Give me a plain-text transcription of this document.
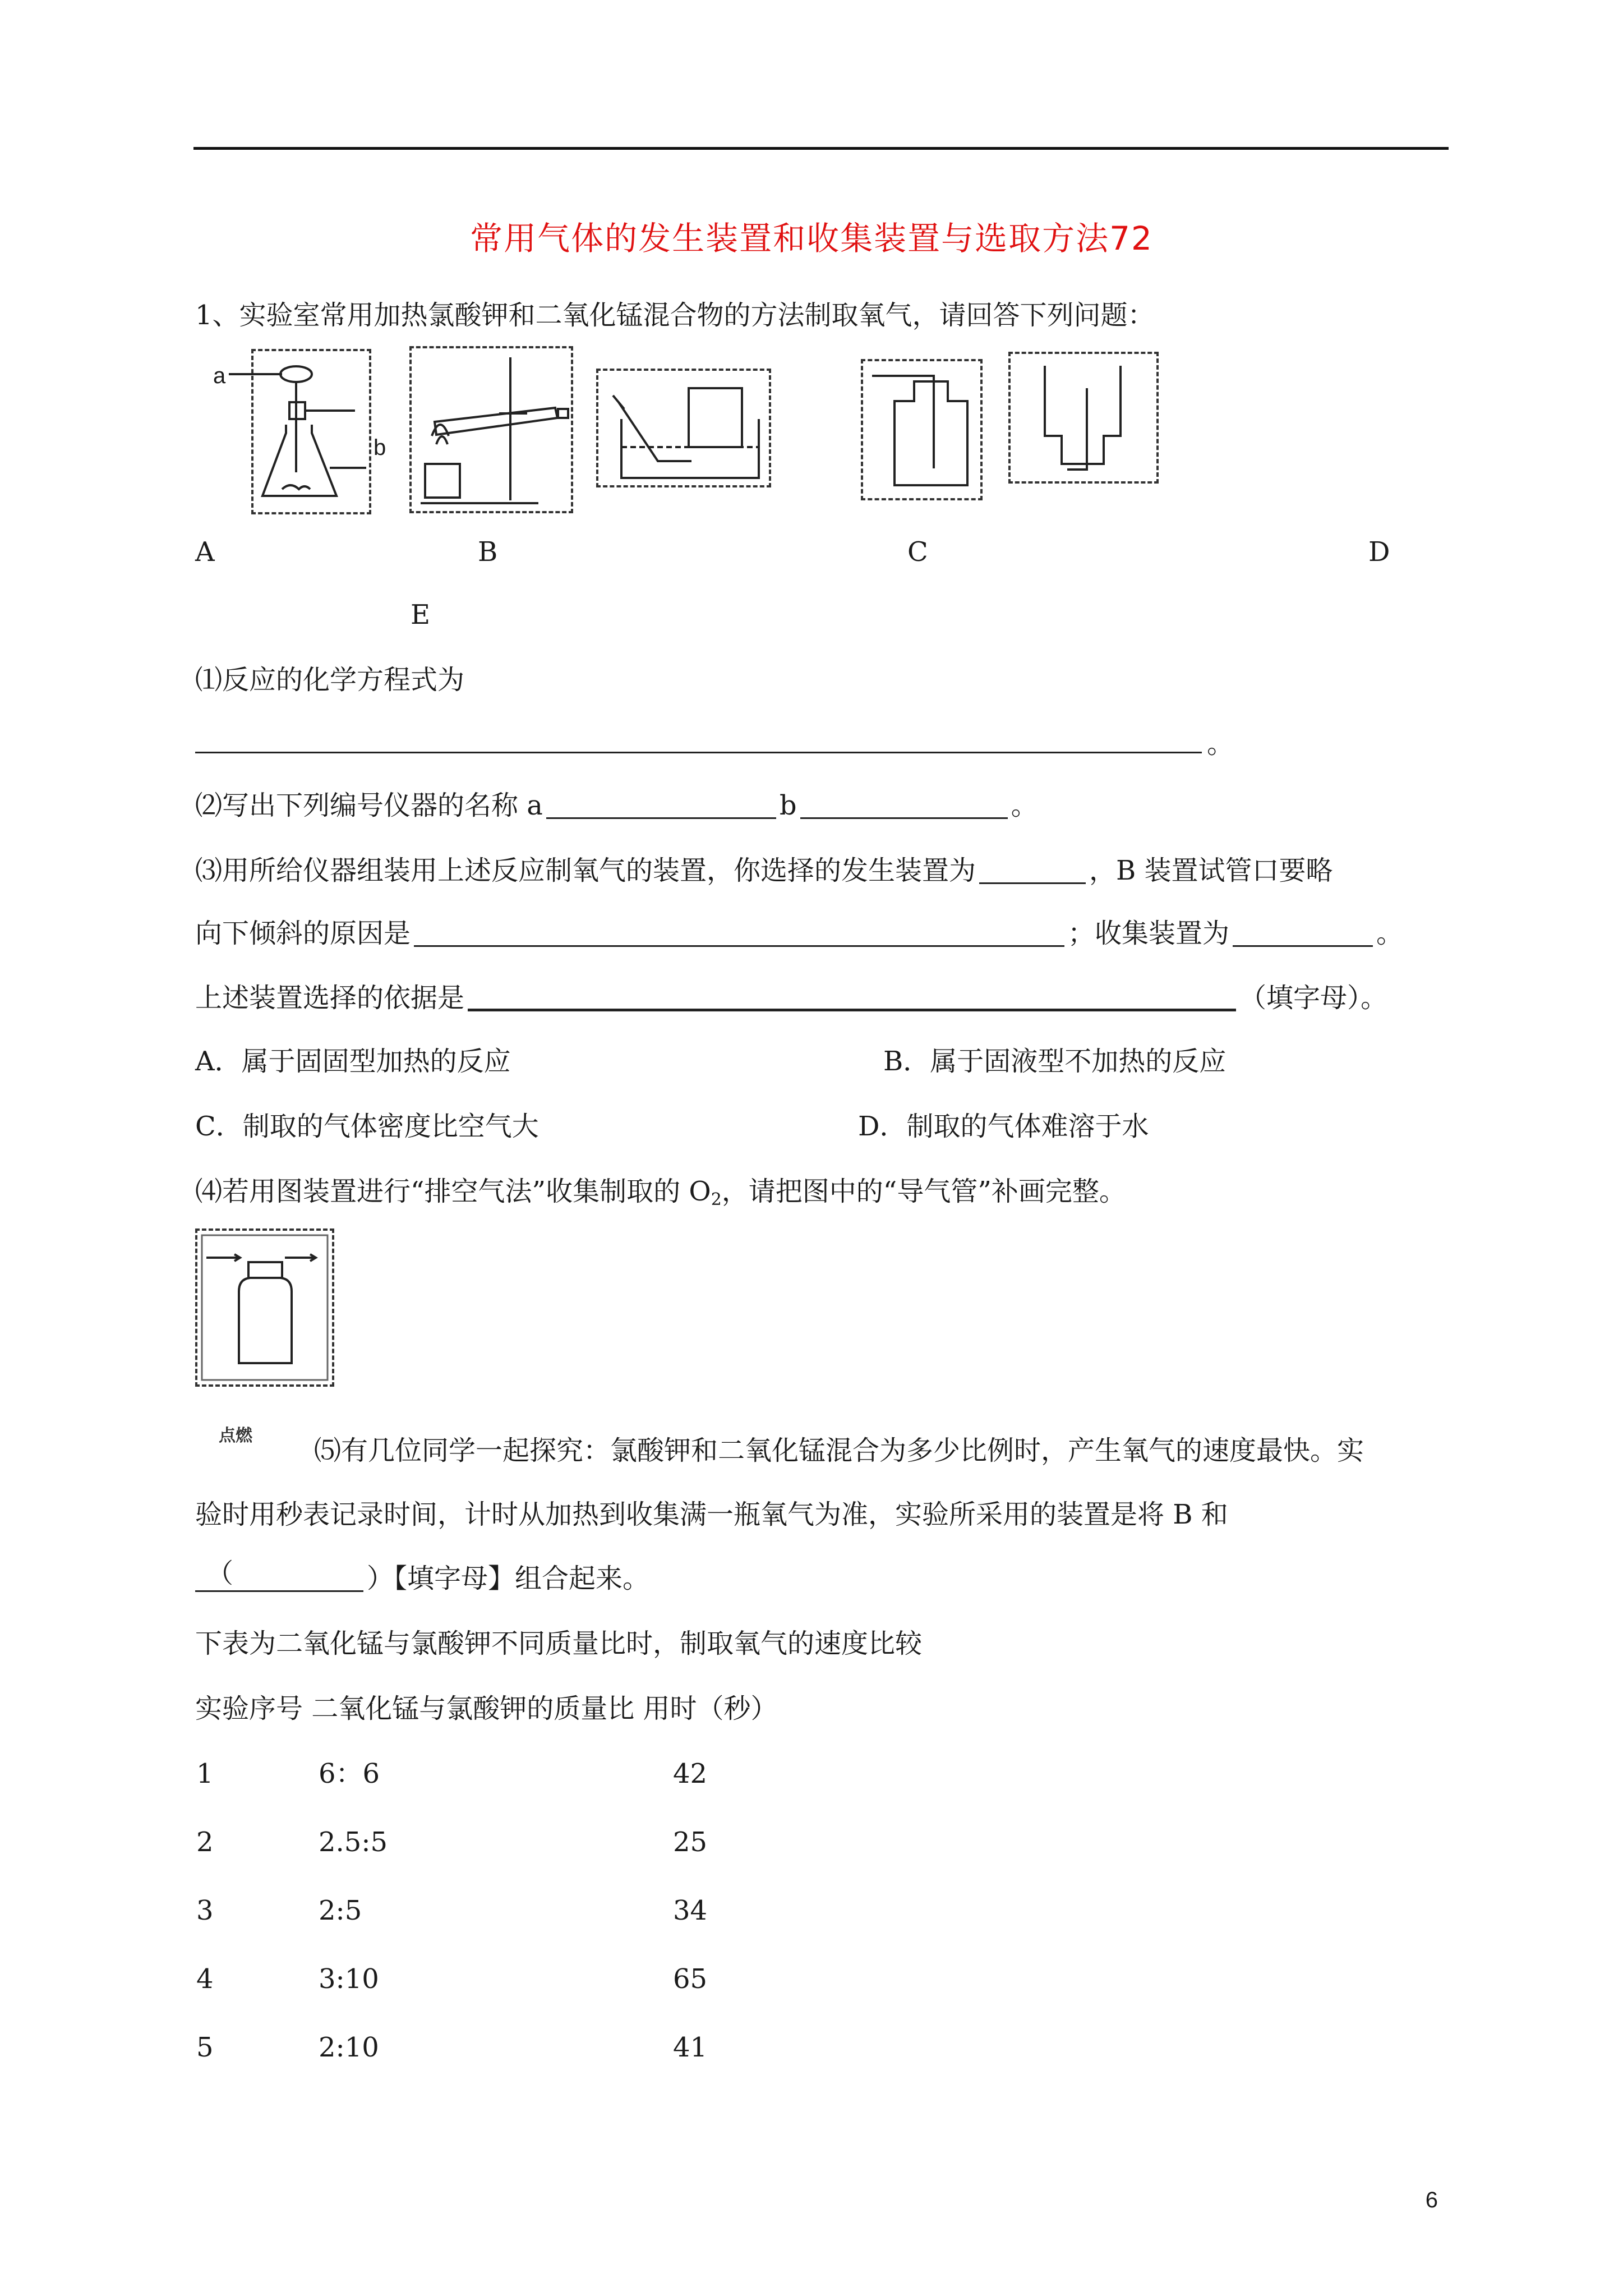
常用气体的发生装置和收集装置与选取方法72
1、实验室常用加热氯酸钾和二氧化锰混合物的方法制取氧气，请回答下列问题：
a
b
A	B	C	D
E
⑴反应的化学方程式为
。
⑵写出下列编号仪器的名称 a	b	。
⑶用所给仪器组装用上述反应制氧气的装置，你选择的发生装置为	，B 装置试管口要略
向下倾斜的原因是	；收集装置为	。
上述装置选择的依据是	（填字母）。
A．属于固固型加热的反应	B．属于固液型不加热的反应
C．制取的气体密度比空气大	D．制取的气体难溶于水
⑷若用图装置进行“排空气法”收集制取的 $O_2$，请把图中的“导气管”补画完整。
点燃 ⑸有几位同学一起探究：氯酸钾和二氧化锰混合为多少比例时，产生氧气的速度最快。实
验时用秒表记录时间，计时从加热到收集满一瓶氧气为准，实验所采用的装置是将 B 和
（	）【填字母】组合起来。
下表为二氧化锰与氯酸钾不同质量比时，制取氧气的速度比较
实验序号 二氧化锰与氯酸钾的质量比 用时（秒）
1	6：6	42
2	2.5:5	25
3	2:5	34
4	3:10	65
5	2:10	41
6
